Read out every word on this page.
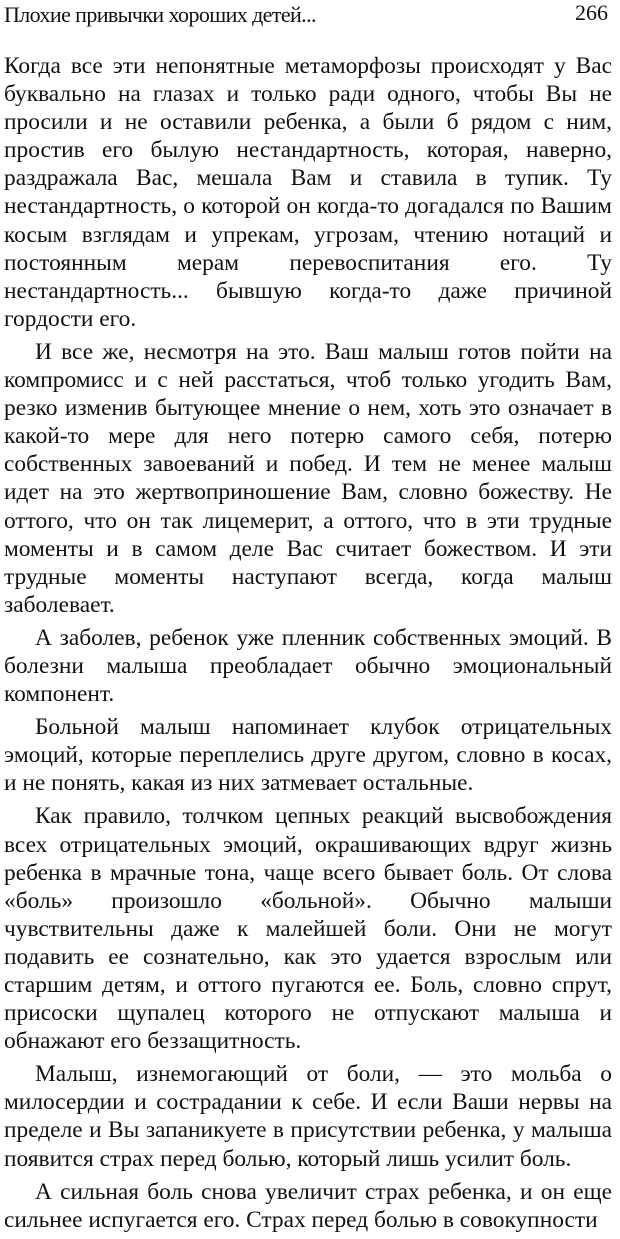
Плохие привычки хороших детей...	266

Когда все эти непонятные метаморфозы происходят у Вас буквально на глазах и только ради одного, чтобы Вы не просили и не оставили ребенка, а были б рядом с ним, простив его былую нестандартность, которая, наверно, раздражала Вас, мешала Вам и ставила в тупик. Ту нестандартность, о которой он когда-то догадался по Вашим косым взглядам и упрекам, угрозам, чтению нотаций и постоянным мерам перевоспитания его. Ту нестандартность... бывшую когда-то даже причиной гордости его.

И все же, несмотря на это. Ваш малыш готов пойти на компромисс и с ней расстаться, чтоб только угодить Вам, резко изменив бытующее мнение о нем, хоть это означает в какой-то мере для него потерю самого себя, потерю собственных завоеваний и побед. И тем не менее малыш идет на это жертвоприношение Вам, словно божеству. Не оттого, что он так лицемерит, а оттого, что в эти трудные моменты и в самом деле Вас считает божеством. И эти трудные моменты наступают всегда, когда малыш заболевает.

А заболев, ребенок уже пленник собственных эмоций. В болезни малыша преобладает обычно эмоциональный компонент.

Больной малыш напоминает клубок отрицательных эмоций, которые переплелись друге другом, словно в косах, и не понять, какая из них затмевает остальные.

Как правило, толчком цепных реакций высвобождения всех отрицательных эмоций, окрашивающих вдруг жизнь ребенка в мрачные тона, чаще всего бывает боль. От слова «боль» произошло «больной». Обычно малыши чувствительны даже к малейшей боли. Они не могут подавить ее сознательно, как это удается взрослым или старшим детям, и оттого пугаются ее. Боль, словно спрут, присоски щупалец которого не отпускают малыша и обнажают его беззащитность.

Малыш, изнемогающий от боли, — это мольба о милосердии и сострадании к себе. И если Ваши нервы на пределе и Вы запаникуете в присутствии ребенка, у малыша появится страх перед болью, который лишь усилит боль.

А сильная боль снова увеличит страх ребенка, и он еще сильнее испугается его. Страх перед болью в совокупности
